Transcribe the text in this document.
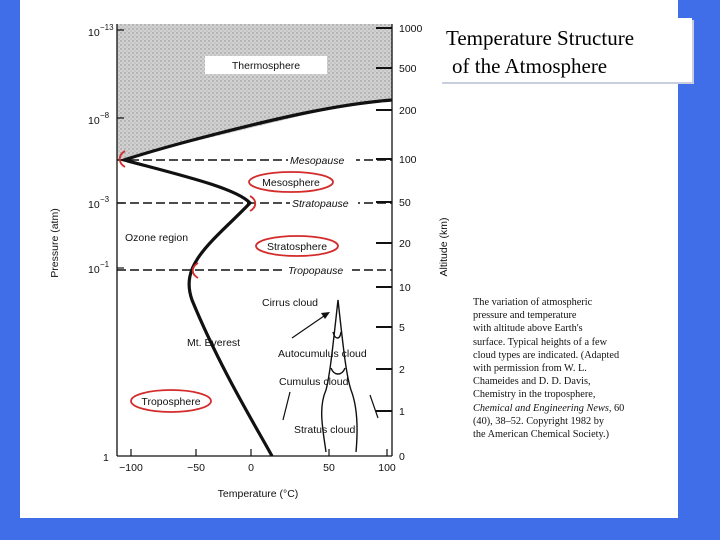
Thermosphere
Mesopause
Stratopause
Tropopause
Mesosphere
Stratosphere
Troposphere
Ozone region
Cirrus cloud
Mt. Everest
Autocumulus cloud
Cumulus cloud
Stratus cloud
10 −13
10 −8
10 −3
10 −1
1
Pressure (atm)
−100	−50	0	50	100
Temperature (°C)
1000
500
200
100
50
20
10
5
2
1
0
Altitude (km)
Temperature Structure
of the Atmosphere
The variation of atmospheric
pressure and temperature
with altitude above Earth's
surface. Typical heights of a few
cloud types are indicated. (Adapted
with permission from W. L.
Chameides and D. D. Davis,
Chemistry in the troposphere,
Chemical and Engineering News, 60
(40), 38–52. Copyright 1982 by
the American Chemical Society.)
